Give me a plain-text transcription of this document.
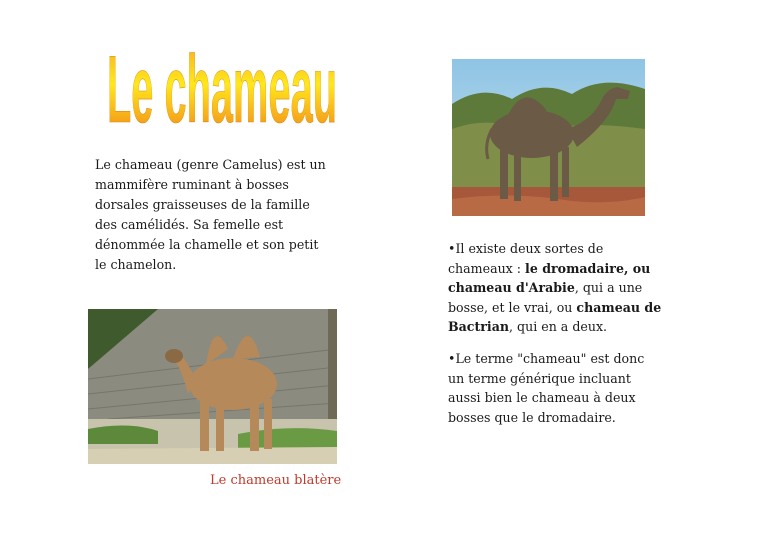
Le chameau

Le chameau (genre Camelus) est un mammifère ruminant à bosses dorsales graisseuses de la famille des camélidés. Sa femelle est dénommée la chamelle et son petit le chamelon.

Le chameau blatère

•Il existe deux sortes de chameaux : le dromadaire, ou chameau d'Arabie, qui a une bosse, et le vrai, ou chameau de Bactrian, qui en a deux.

•Le terme "chameau" est donc un terme générique incluant aussi bien le chameau à deux bosses que le dromadaire.
